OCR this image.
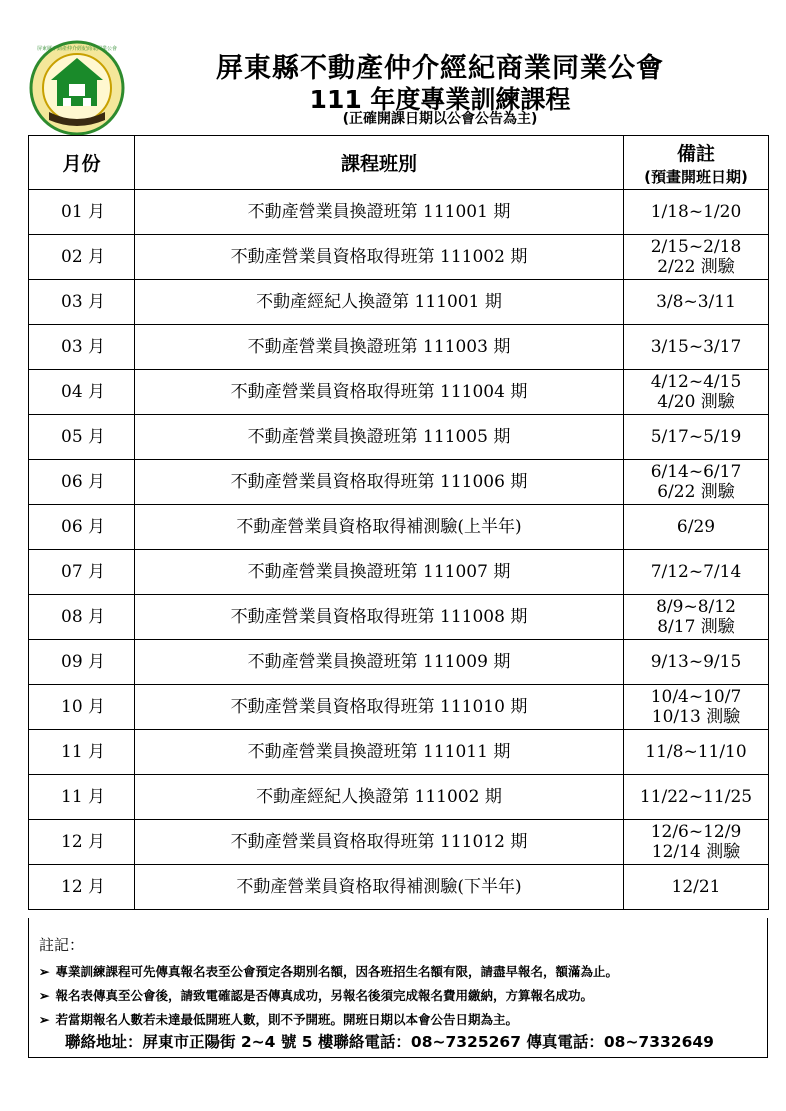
屏東縣不動產仲介經紀商業同業公會
屏東縣不動產仲介經紀商業同業公會
111 年度專業訓練課程
(正確開課日期以公會公告為主)
月份	課程班別	備註
(預畫開班日期)

01 月	不動產營業員換證班第 111001 期	1/18~1/20

02 月	不動產營業員資格取得班第 111002 期	2/15~2/18
2/22 測驗

03 月	不動產經紀人換證第 111001 期	3/8~3/11

03 月	不動產營業員換證班第 111003 期	3/15~3/17

04 月	不動產營業員資格取得班第 111004 期	4/12~4/15
4/20 測驗

05 月	不動產營業員換證班第 111005 期	5/17~5/19

06 月	不動產營業員資格取得班第 111006 期	6/14~6/17
6/22 測驗

06 月	不動產營業員資格取得補測驗(上半年)	6/29

07 月	不動產營業員換證班第 111007 期	7/12~7/14

08 月	不動產營業員資格取得班第 111008 期	8/9~8/12
8/17 測驗

09 月	不動產營業員換證班第 111009 期	9/13~9/15

10 月	不動產營業員資格取得班第 111010 期	10/4~10/7
10/13 測驗

11 月	不動產營業員換證班第 111011 期	11/8~11/10

11 月	不動產經紀人換證第 111002 期	11/22~11/25

12 月	不動產營業員資格取得班第 111012 期	12/6~12/9
12/14 測驗

12 月	不動產營業員資格取得補測驗(下半年)	12/21
註記：
➢ 專業訓練課程可先傳真報名表至公會預定各期別名額，因各班招生名額有限，請盡早報名，額滿為止。
➢ 報名表傳真至公會後，請致電確認是否傳真成功，另報名後須完成報名費用繳納，方算報名成功。
➢ 若當期報名人數若未達最低開班人數，則不予開班。開班日期以本會公告日期為主。
聯絡地址：屏東市正陽街 2~4 號 5 樓聯絡電話：08~7325267 傳真電話：08~7332649
